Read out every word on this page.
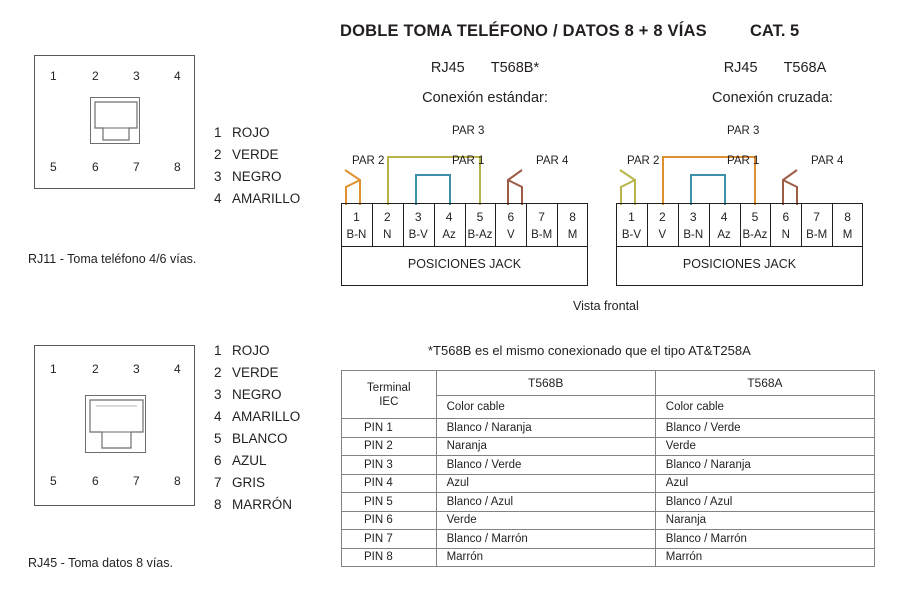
DOBLE TOMA TELÉFONO / DATOS 8 + 8 VÍAS	CAT. 5
1	2	3	4
5	6	7	8
RJ11 - Toma teléfono 4/6 vías.
1 ROJO
2 VERDE
3 NEGRO
4 AMARILLO
1	2	3	4
5	6	7	8
RJ45 - Toma datos 8 vías.
1 ROJO
2 VERDE
3 NEGRO
4 AMARILLO
5 BLANCO
6 AZUL
7 GRIS
8 MARRÓN
RJ45 T568B*
Conexión estándar:
PAR 2	PAR 1
PAR 3
PAR 4
1	2	3	4	5	6	7	8
B-N	N	B-V	Az	B-Az	V	B-M	M
POSICIONES JACK
RJ45 T568A
Conexión cruzada:
PAR 2	PAR 1
PAR 3
PAR 4
1	2	3	4	5	6	7	8
B-V	V	B-N	Az	B-Az	N	B-M	M
POSICIONES JACK
Vista frontal
*T568B es el mismo conexionado que el tipo AT&T258A
Terminal
IEC	T568B	T568A
	Color cable	Color cable
PIN 1	Blanco / Naranja	Blanco / Verde
PIN 2	Naranja	Verde
PIN 3	Blanco / Verde	Blanco / Naranja
PIN 4	Azul	Azul
PIN 5	Blanco / Azul	Blanco / Azul
PIN 6	Verde	Naranja
PIN 7	Blanco / Marrón	Blanco / Marrón
PIN 8	Marrón	Marrón
